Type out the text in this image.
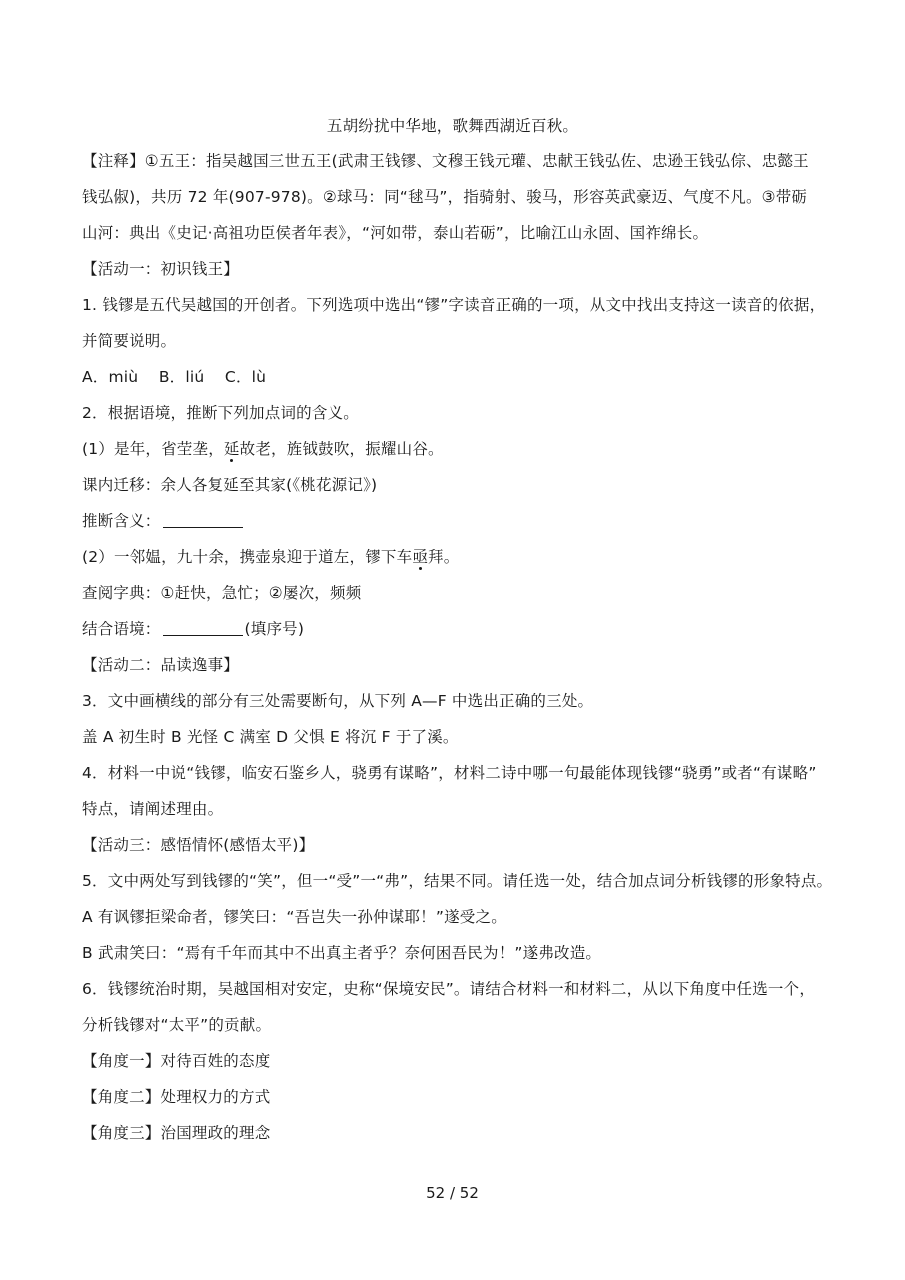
五胡纷扰中华地，歌舞西湖近百秋。
【注释】①五王：指吴越国三世五王(武肃王钱镠、文穆王钱元瓘、忠献王钱弘佐、忠逊王钱弘倧、忠懿王
钱弘俶)，共历 72 年(907-978)。②球马：同“毬马”，指骑射、骏马，形容英武豪迈、气度不凡。③带砺
山河：典出《史记·高祖功臣侯者年表》，“河如带，泰山若砺”，比喻江山永固、国祚绵长。
【活动一：初识钱王】
1. 钱镠是五代吴越国的开创者。下列选项中选出“镠”字读音正确的一项，从文中找出支持这一读音的依据，
并简要说明。
A．miù    B．liú    C．lù
2．根据语境，推断下列加点词的含义。
(1）是年，省茔垄，延故老，旌钺鼓吹，振耀山谷。
课内迁移：余人各复延至其家(《桃花源记》)
推断含义：
(2）一邻媪，九十余，携壶泉迎于道左，镠下车亟拜。
查阅字典：①赶快，急忙；②屡次，频频
结合语境：	(填序号)
【活动二：品读逸事】
3．文中画横线的部分有三处需要断句，从下列 A—F 中选出正确的三处。
盖 A 初生时 B 光怪 C 满室 D 父惧 E 将沉 F 于了溪。
4．材料一中说“钱镠，临安石鉴乡人，骁勇有谋略”，材料二诗中哪一句最能体现钱镠“骁勇”或者“有谋略”
特点，请阐述理由。
【活动三：感悟情怀(感悟太平)】
5．文中两处写到钱镠的“笑”，但一“受”一“弗”，结果不同。请任选一处，结合加点词分析钱镠的形象特点。
A 有讽镠拒梁命者，镠笑曰：“吾岂失一孙仲谋耶！”遂受之。
B 武肃笑曰：“焉有千年而其中不出真主者乎？奈何困吾民为！”遂弗改造。
6．钱镠统治时期，吴越国相对安定，史称“保境安民”。请结合材料一和材料二，从以下角度中任选一个，
分析钱镠对“太平”的贡献。
【角度一】对待百姓的态度
【角度二】处理权力的方式
【角度三】治国理政的理念
52 / 52
